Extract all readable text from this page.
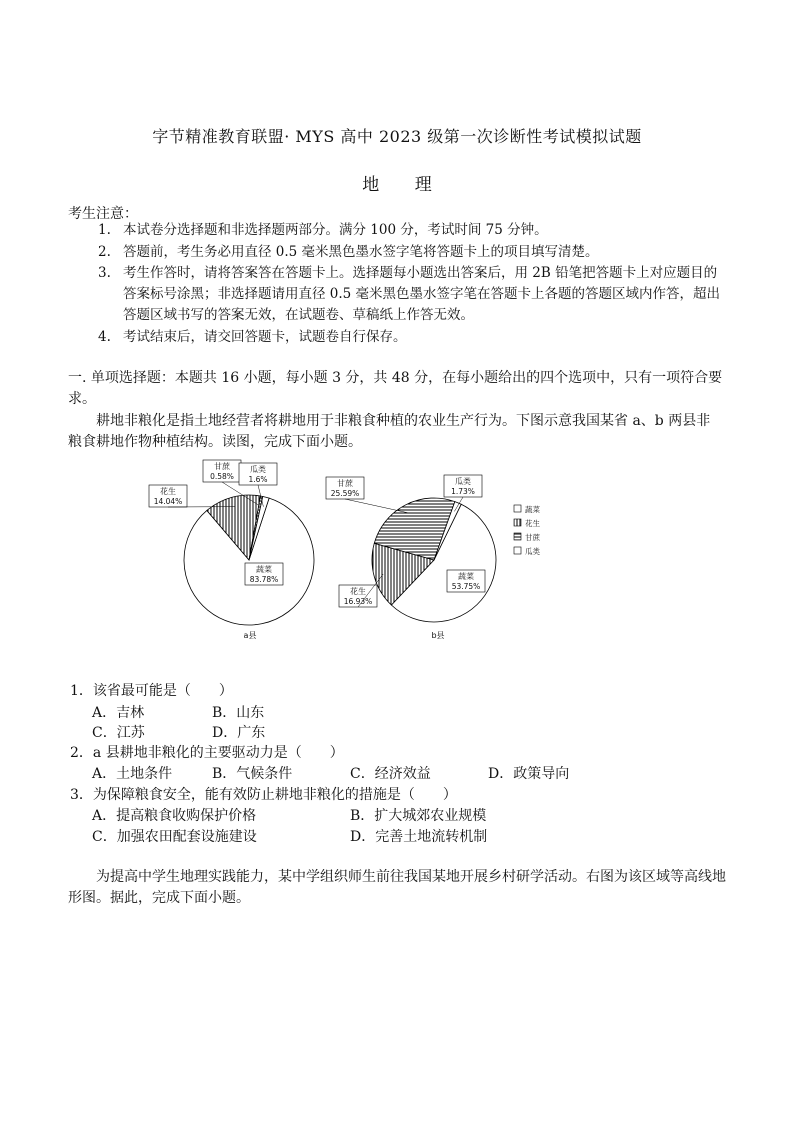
字节精准教育联盟· MYS 高中 2023 级第一次诊断性考试模拟试题
地 理
考生注意：
1. 本试卷分选择题和非选择题两部分。满分 100 分，考试时间 75 分钟。
2. 答题前，考生务必用直径 0.5 毫米黑色墨水签字笔将答题卡上的项目填写清楚。
3. 考生作答时，请将答案答在答题卡上。选择题每小题选出答案后，用 2B 铅笔把答题卡上对应题目的答案标号涂黑；非选择题请用直径 0.5 毫米黑色墨水签字笔在答题卡上各题的答题区域内作答，超出答题区域书写的答案无效，在试题卷、草稿纸上作答无效。
4. 考试结束后，请交回答题卡，试题卷自行保存。
一. 单项选择题：本题共 16 小题，每小题 3 分，共 48 分，在每小题给出的四个选项中，只有一项符合要求。
耕地非粮化是指土地经营者将耕地用于非粮食种植的农业生产行为。下图示意我国某省 a、b 两县非粮食耕地作物种植结构。读图，完成下面小题。
蔬菜
83.78%
花生
14.04%
甘蔗
0.58%
瓜类
1.6%
a县
蔬菜
53.75%
花生
16.93%
甘蔗
25.59%
瓜类
1.73%
b县
蔬菜
花生
甘蔗
瓜类
1．该省最可能是（　　）
A．吉林	B．山东
C．江苏	D．广东
2．a 县耕地非粮化的主要驱动力是（　　）
A．土地条件	B．气候条件	C．经济效益	D．政策导向
3．为保障粮食安全，能有效防止耕地非粮化的措施是（　　）
A．提高粮食收购保护价格	B．扩大城郊农业规模
C．加强农田配套设施建设	D．完善土地流转机制
为提高中学生地理实践能力，某中学组织师生前往我国某地开展乡村研学活动。右图为该区域等高线地形图。据此，完成下面小题。
